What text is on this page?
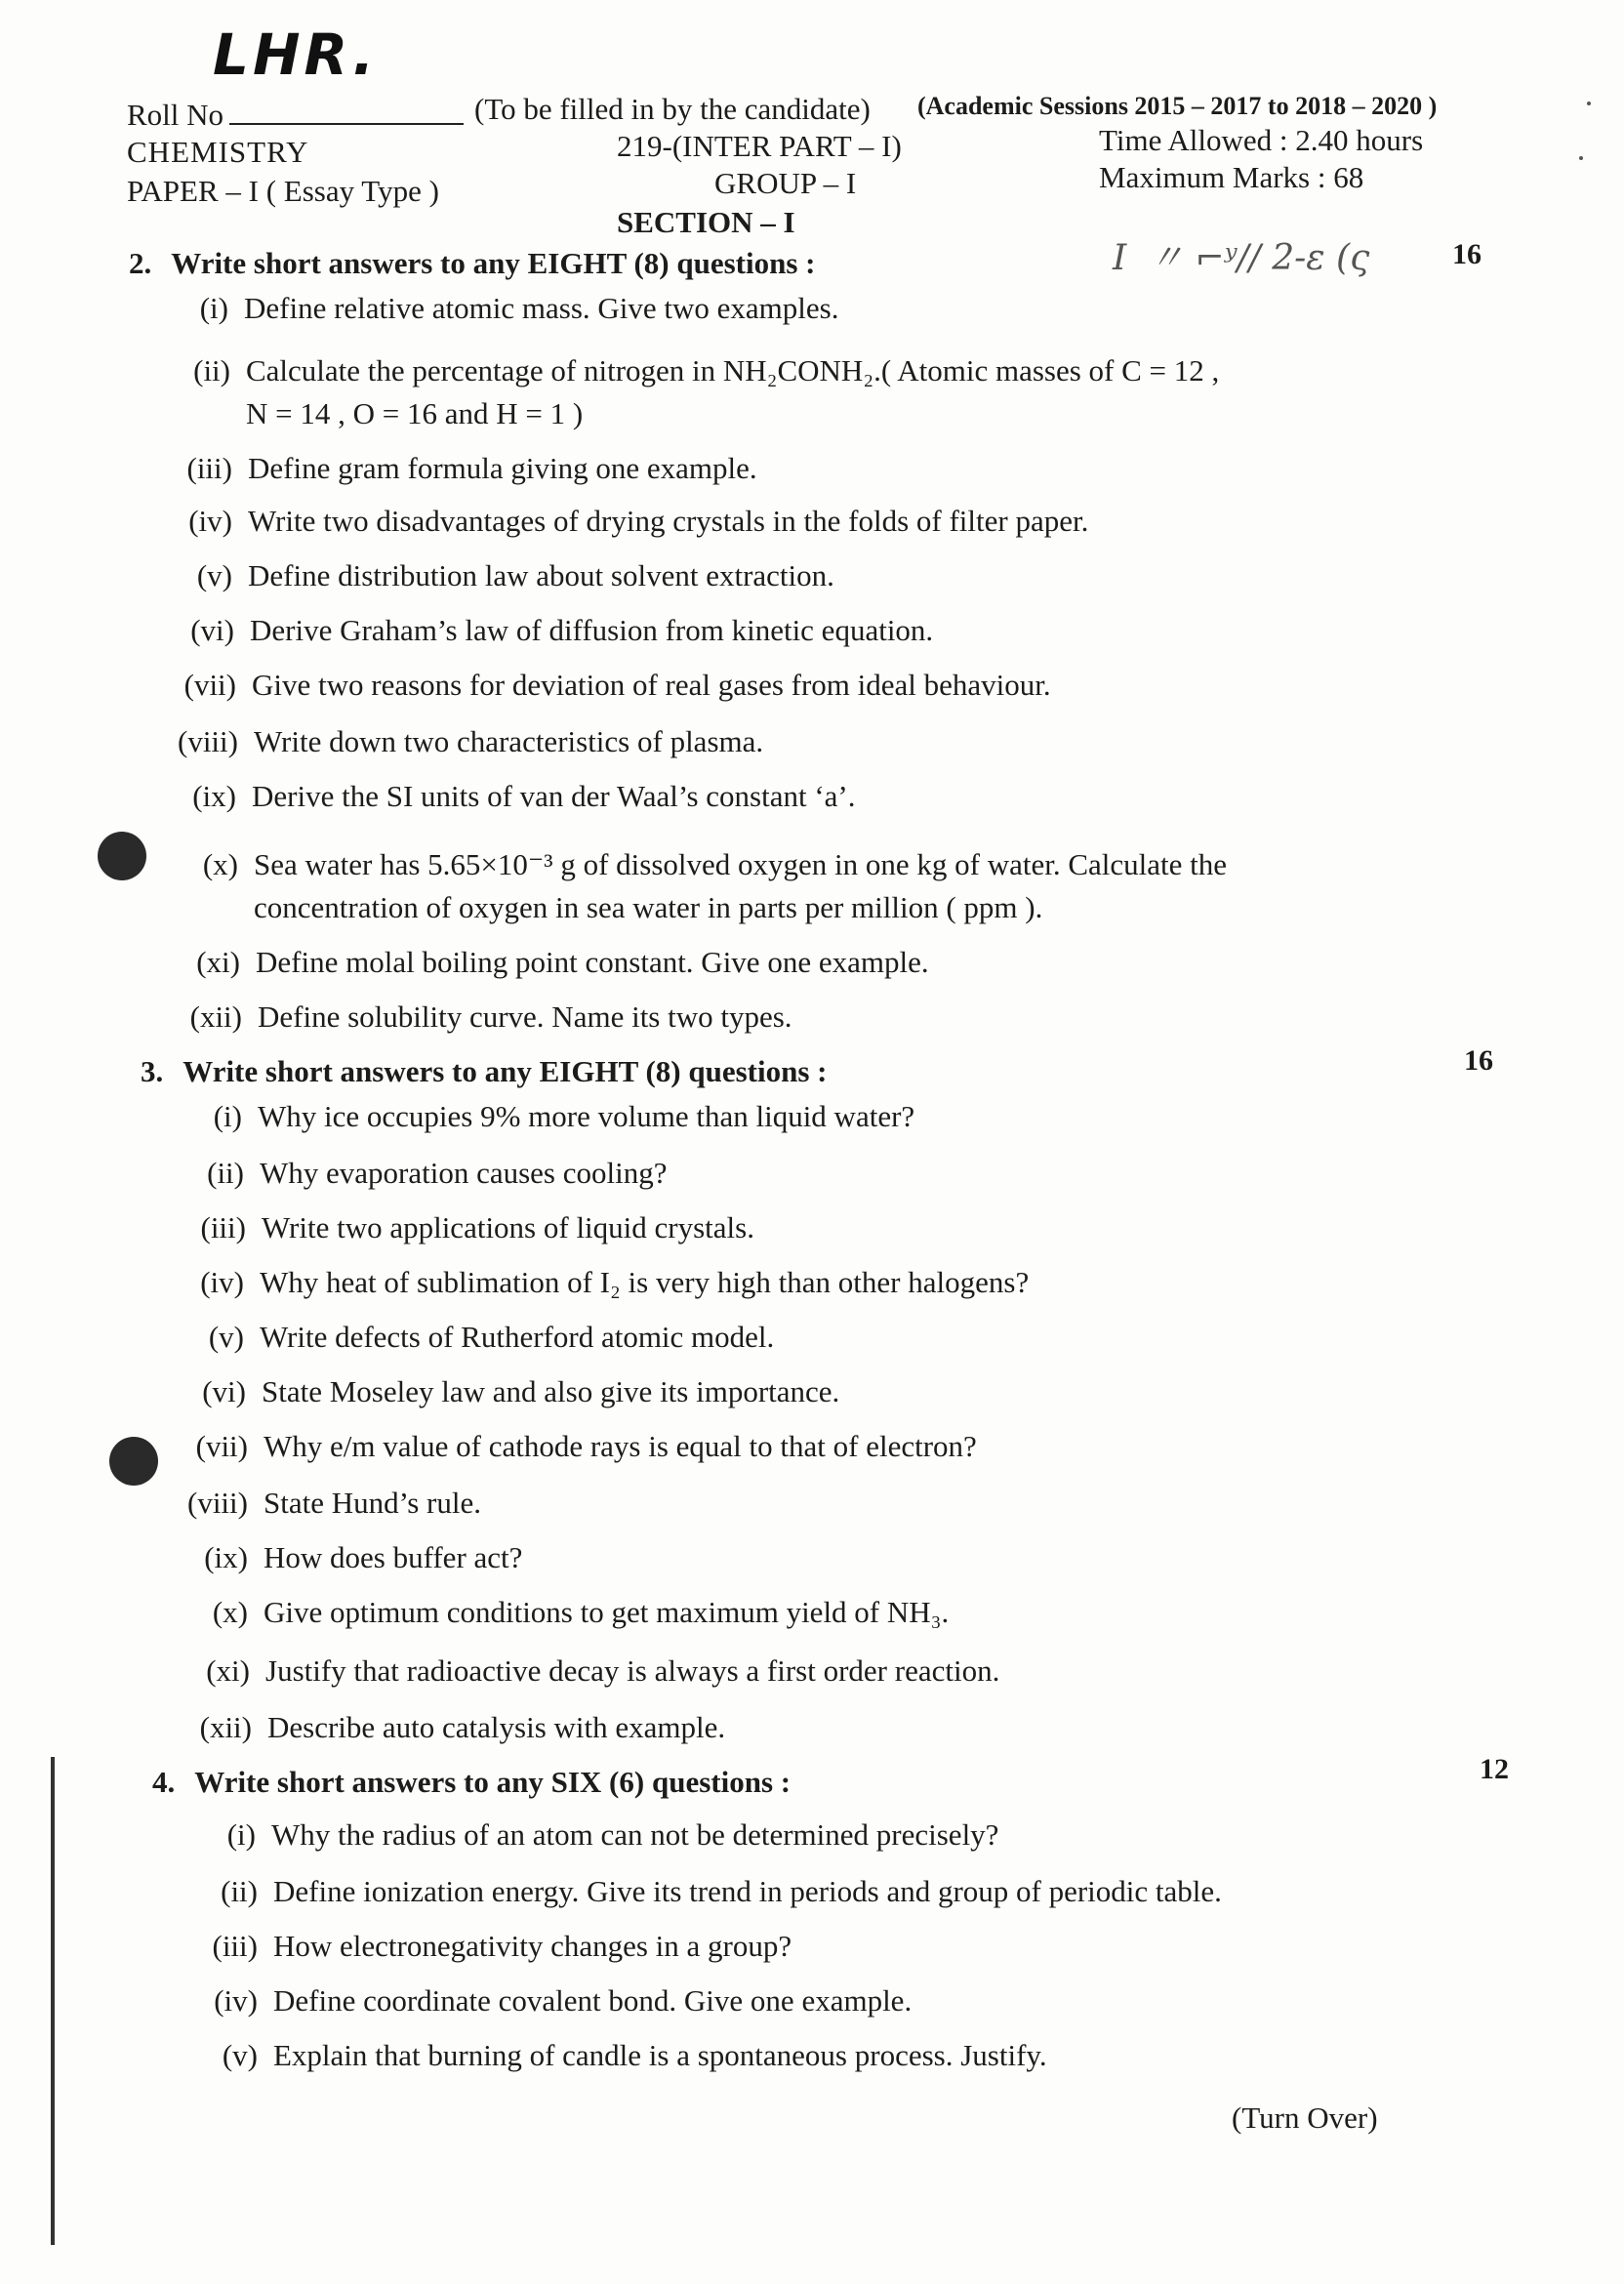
LHR.
Roll No	(To be filled in by the candidate) (Academic Sessions 2015 – 2017 to 2018 – 2020 )
CHEMISTRY	219-(INTER PART – I)	Time Allowed : 2.40 hours
PAPER – I ( Essay Type )	GROUP – I	Maximum Marks : 68
SECTION – I
I  〃 ⌐ʸ// 2-ε (ς
2. Write short answers to any EIGHT (8) questions :	16
(i) Define relative atomic mass. Give two examples.
(ii) Calculate the percentage of nitrogen in NH₂CONH₂.( Atomic masses of C = 12 ,
N = 14 , O = 16 and H = 1 )
(iii) Define gram formula giving one example.
(iv) Write two disadvantages of drying crystals in the folds of filter paper.
(v) Define distribution law about solvent extraction.
(vi) Derive Graham’s law of diffusion from kinetic equation.
(vii) Give two reasons for deviation of real gases from ideal behaviour.
(viii) Write down two characteristics of plasma.
(ix) Derive the SI units of van der Waal’s constant ‘a’.
(x) Sea water has 5.65×10⁻³ g of dissolved oxygen in one kg of water. Calculate the
concentration of oxygen in sea water in parts per million ( ppm ).
(xi) Define molal boiling point constant. Give one example.
(xii) Define solubility curve. Name its two types.
3. Write short answers to any EIGHT (8) questions :	16
(i) Why ice occupies 9% more volume than liquid water?
(ii) Why evaporation causes cooling?
(iii) Write two applications of liquid crystals.
(iv) Why heat of sublimation of I₂ is very high than other halogens?
(v) Write defects of Rutherford atomic model.
(vi) State Moseley law and also give its importance.
(vii) Why e/m value of cathode rays is equal to that of electron?
(viii) State Hund’s rule.
(ix) How does buffer act?
(x) Give optimum conditions to get maximum yield of NH₃.
(xi) Justify that radioactive decay is always a first order reaction.
(xii) Describe auto catalysis with example.
4. Write short answers to any SIX (6) questions :	12
(i) Why the radius of an atom can not be determined precisely?
(ii) Define ionization energy. Give its trend in periods and group of periodic table.
(iii) How electronegativity changes in a group?
(iv) Define coordinate covalent bond. Give one example.
(v) Explain that burning of candle is a spontaneous process. Justify.
(Turn Over)
